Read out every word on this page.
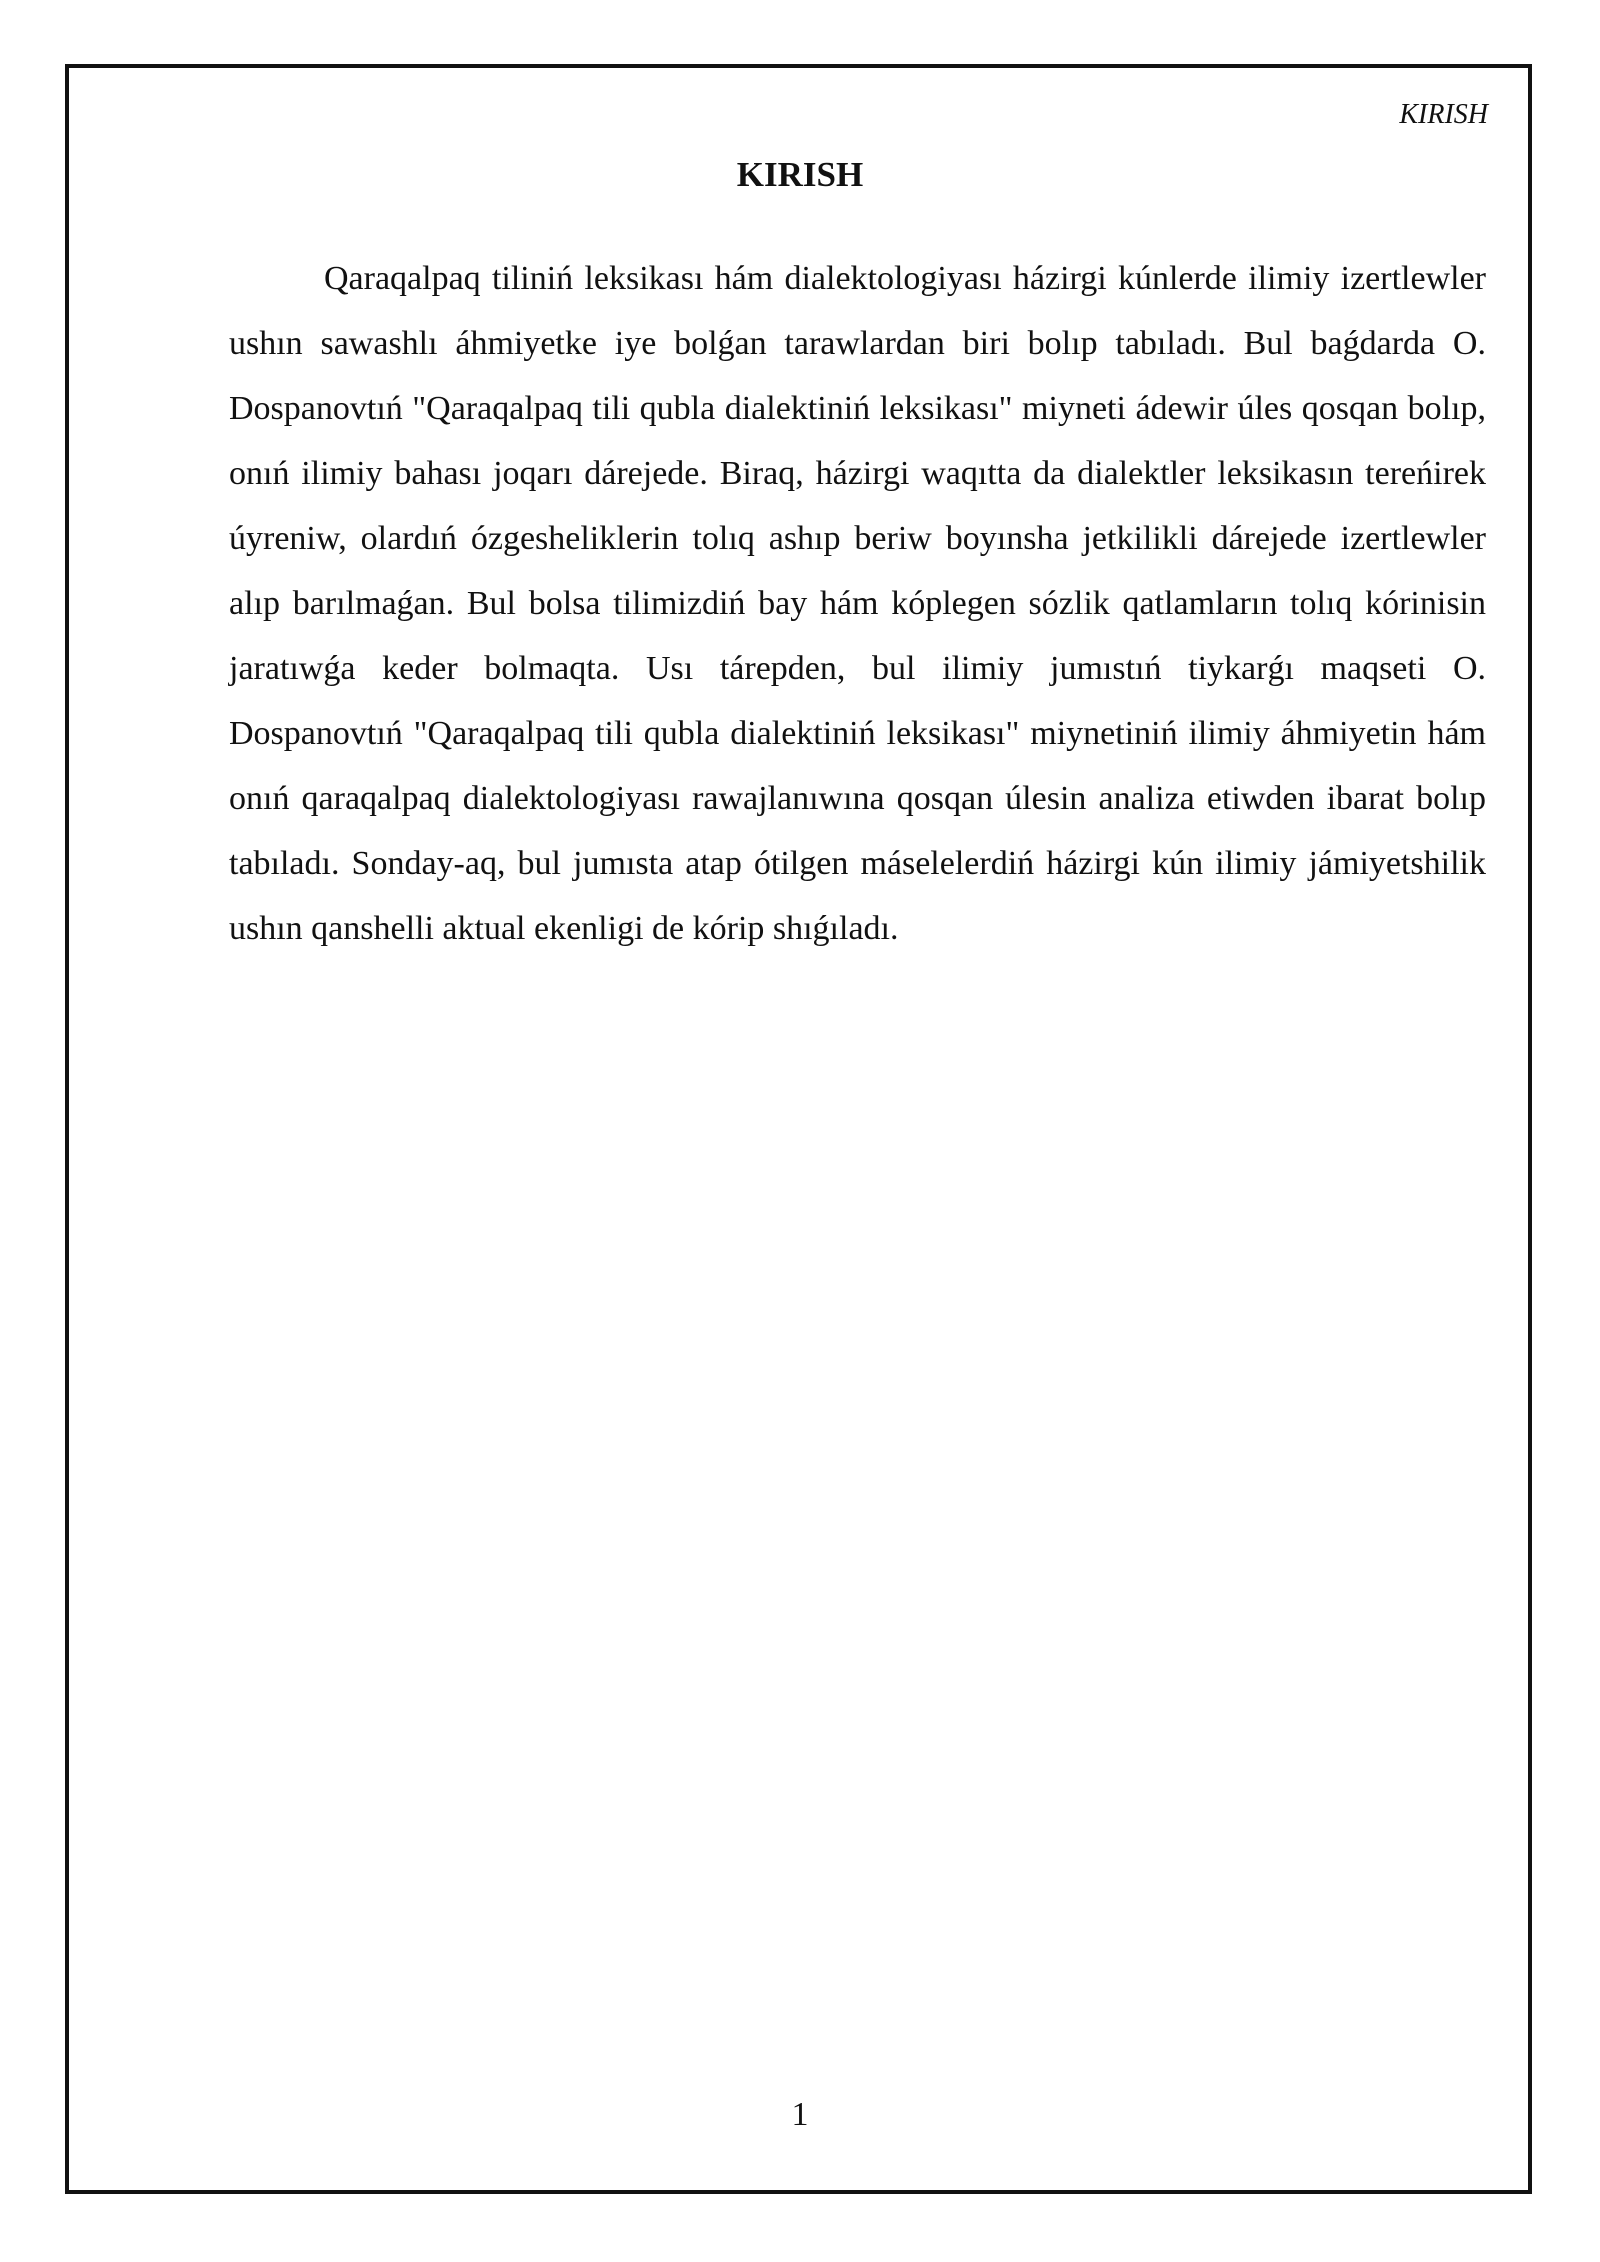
KIRISH
KIRISH

Qaraqalpaq tiliniń leksikası hám dialektologiyası házirgi kúnlerde ilimiy izertlewler ushın sawashlı áhmiyetke iye bolǵan tarawlardan biri bolıp tabıladı. Bul baǵdarda O. Dospanovtıń "Qaraqalpaq tili qubla dialektiniń leksikası" miyneti ádewir úles qosqan bolıp, onıń ilimiy bahası joqarı dárejede. Biraq, házirgi waqıtta da dialektler leksikasın tereńirek úyreniw, olardıń ózgesheliklerin tolıq ashıp beriw boyınsha jetkilikli dárejede izertlewler alıp barılmaǵan. Bul bolsa tilimizdiń bay hám kóplegen sózlik qatlamların tolıq kórinisin jaratıwǵa keder bolmaqta. Usı tárepden, bul ilimiy jumıstıń tiykarǵı maqseti O. Dospanovtıń "Qaraqalpaq tili qubla dialektiniń leksikası" miynetiniń ilimiy áhmiyetin hám onıń qaraqalpaq dialektologiyası rawajlanıwına qosqan úlesin analiza etiwden ibarat bolıp tabıladı. Sonday-aq, bul jumısta atap ótilgen máselelerdiń házirgi kún ilimiy jámiyetshilik ushın qanshelli aktual ekenligi de kórip shıǵıladı.

1
